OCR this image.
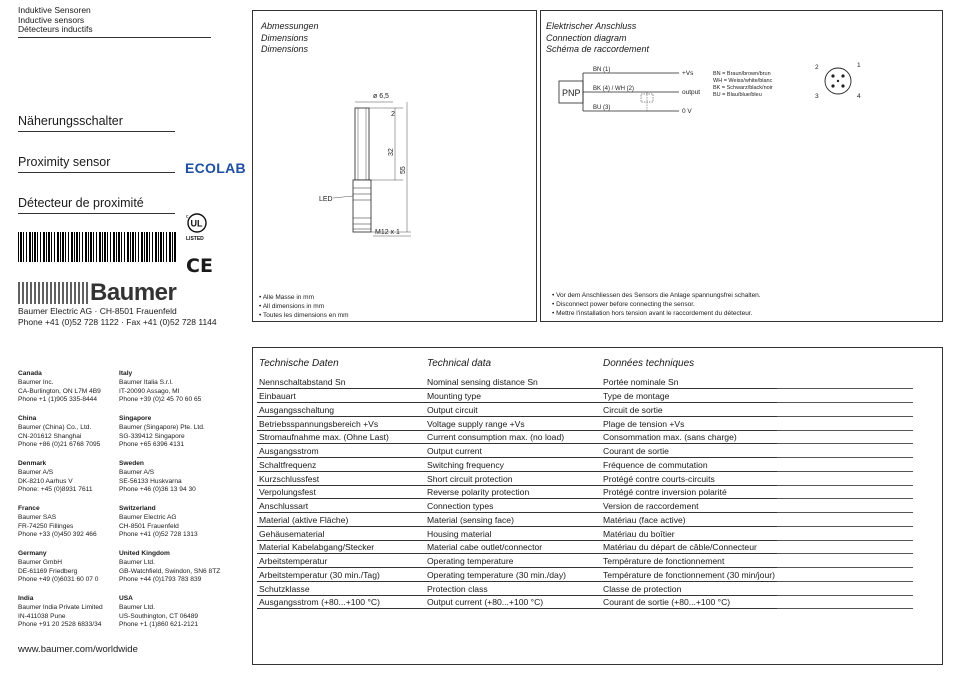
Induktive Sensoren
Inductive sensors
Détecteurs inductifs
Näherungsschalter
Proximity sensor
Détecteur de proximité
ECOLAB
UL
c
LISTED
CE
Baumer
Baumer Electric AG · CH-8501 Frauenfeld
Phone +41 (0)52 728 1122 · Fax +41 (0)52 728 1144
Abmessungen
Dimensions
Dimensions
ø 6,5
2
32
55
LED
M12 x 1
• Alle Masse in mm
• All dimensions in mm
• Toutes les dimensions en mm
Elektrischer Anschluss
Connection diagram
Schéma de raccordement
PNP
BN (1)
BK (4) / WH (2)
BU (3)
+Vs
output
0 V
BN = Braun/brown/brun
WH = Weiss/white/blanc
BK = Schwarz/black/noir
BU = Blau/blue/bleu
1
2
3	4
• Vor dem Anschliessen des Sensors die Anlage spannungsfrei schalten.
• Disconnect power before connecting the sensor.
• Mettre l'installation hors tension avant le raccordement du détecteur.
Canada
Baumer Inc.
CA-Burlington, ON L7M 4B9
Phone +1 (1)905 335-8444
Italy
Baumer Italia S.r.l.
IT-20090 Assago, MI
Phone +39 (0)2 45 70 60 65
China
Baumer (China) Co., Ltd.
CN-201612 Shanghai
Phone +86 (0)21 6768 7095
Singapore
Baumer (Singapore) Pte. Ltd.
SG-339412 Singapore
Phone +65 6396 4131
Denmark
Baumer A/S
DK-8210 Aarhus V
Phone: +45 (0)8931 7611
Sweden
Baumer A/S
SE-56133 Huskvarna
Phone +46 (0)36 13 94 30
France
Baumer SAS
FR-74250 Fillinges
Phone +33 (0)450 392 466
Switzerland
Baumer Electric AG
CH-8501 Frauenfeld
Phone +41 (0)52 728 1313
Germany
Baumer GmbH
DE-61169 Friedberg
Phone +49 (0)6031 60 07 0
United Kingdom
Baumer Ltd.
GB-Watchfield, Swindon, SN6 8TZ
Phone +44 (0)1793 783 839
India
Baumer India Private Limited
IN-411038 Pune
Phone +91 20 2528 6833/34
USA
Baumer Ltd.
US-Southington, CT 06489
Phone +1 (1)860 621-2121
www.baumer.com/worldwide
Technische Daten	Technical data	Données techniques
Nennschaltabstand Sn	Nominal sensing distance Sn	Portée nominale Sn	
Einbauart	Mounting type	Type de montage	
Ausgangsschaltung	Output circuit	Circuit de sortie	
Betriebsspannungsbereich +Vs	Voltage supply range +Vs	Plage de tension +Vs	
Stromaufnahme max. (Ohne Last)	Current consumption max. (no load)	Consommation max. (sans charge)	
Ausgangsstrom	Output current	Courant de sortie	
Schaltfrequenz	Switching frequency	Fréquence de commutation	
Kurzschlussfest	Short circuit protection	Protégé contre courts-circuits	
Verpolungsfest	Reverse polarity protection	Protégé contre inversion polarité	
Anschlussart	Connection types	Version de raccordement	
Material (aktive Fläche)	Material (sensing face)	Matériau (face active)	
Gehäusematerial	Housing material	Matériau du boîtier	
Material Kabelabgang/Stecker	Material cabe outlet/connector	Matériau du départ de câble/Connecteur	
Arbeitstemperatur	Operating temperature	Température de fonctionnement	
Arbeitstemperatur (30 min./Tag)	Operating temperature (30 min./day)	Température de fonctionnement (30 min/jour)	
Schutzklasse	Protection class	Classe de protection	
Ausgangsstrom (+80...+100 °C)	Output current (+80...+100 °C)	Courant de sortie (+80...+100 °C)	
